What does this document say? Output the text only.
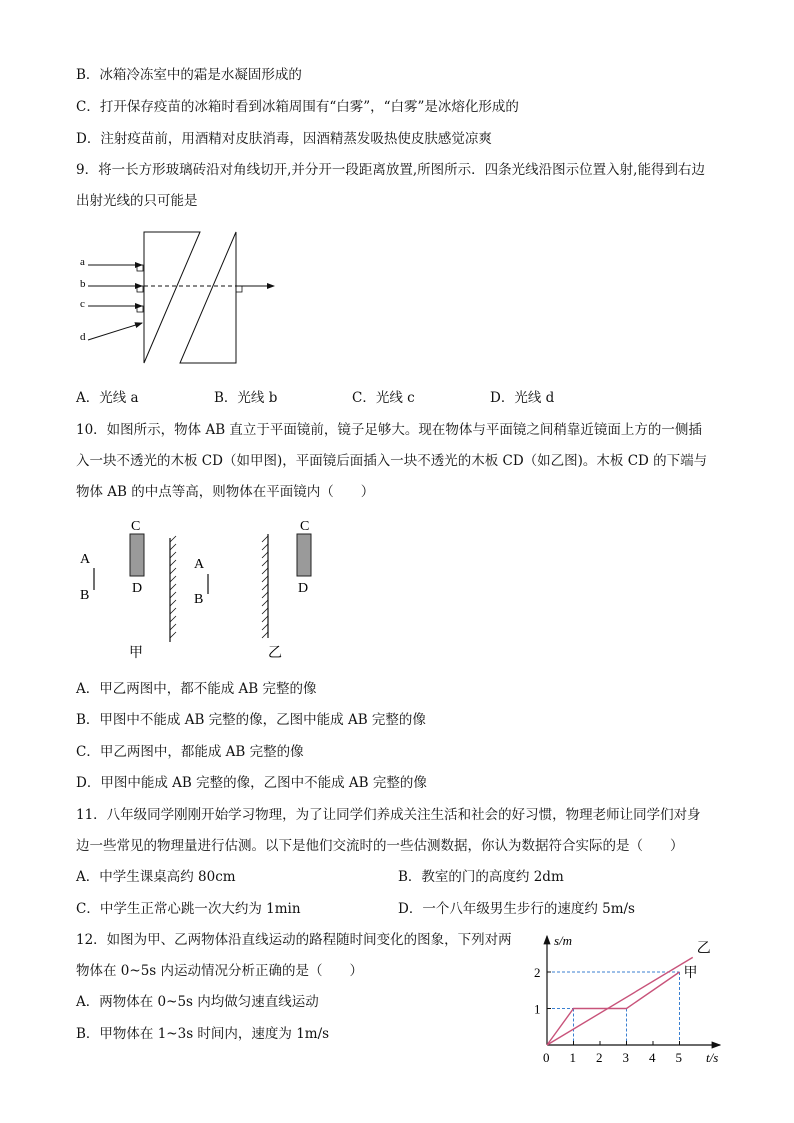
B．冰箱冷冻室中的霜是水凝固形成的
C．打开保存疫苗的冰箱时看到冰箱周围有“白雾”，“白雾”是冰熔化形成的
D．注射疫苗前，用酒精对皮肤消毒，因酒精蒸发吸热使皮肤感觉凉爽
9．将一长方形玻璃砖沿对角线切开,并分开一段距离放置,所图所示．四条光线沿图示位置入射,能得到右边
出射光线的只可能是
a
b
c
d
A．光线 a	B．光线 b	C．光线 c	D．光线 d
10．如图所示，物体 AB 直立于平面镜前，镜子足够大。现在物体与平面镜之间稍靠近镜面上方的一侧插
入一块不透光的木板 CD（如甲图)，平面镜后面插入一块不透光的木板 CD（如乙图)。木板 CD 的下端与
物体 AB 的中点等高，则物体在平面镜内（　　）
A
B
C
D
甲
A
B
C
D
乙
A．甲乙两图中，都不能成 AB 完整的像
B．甲图中不能成 AB 完整的像，乙图中能成 AB 完整的像
C．甲乙两图中，都能成 AB 完整的像
D．甲图中能成 AB 完整的像，乙图中不能成 AB 完整的像
11．八年级同学刚刚开始学习物理，为了让同学们养成关注生活和社会的好习惯，物理老师让同学们对身
边一些常见的物理量进行估测。以下是他们交流时的一些估测数据，你认为数据符合实际的是（　　）
A．中学生课桌高约 80cm	B．教室的门的高度约 2dm
C．中学生正常心跳一次大约为 1min	D．一个八年级男生步行的速度约 5m/s
12．如图为甲、乙两物体沿直线运动的路程随时间变化的图象，下列对两
物体在 0~5s 内运动情况分析正确的是（　　）
A．两物体在 0~5s 内均做匀速直线运动
B．甲物体在 1~3s 时间内，速度为 1m/s
s/m
t/s
0 1 2 3 4 5
1
2	甲
乙
